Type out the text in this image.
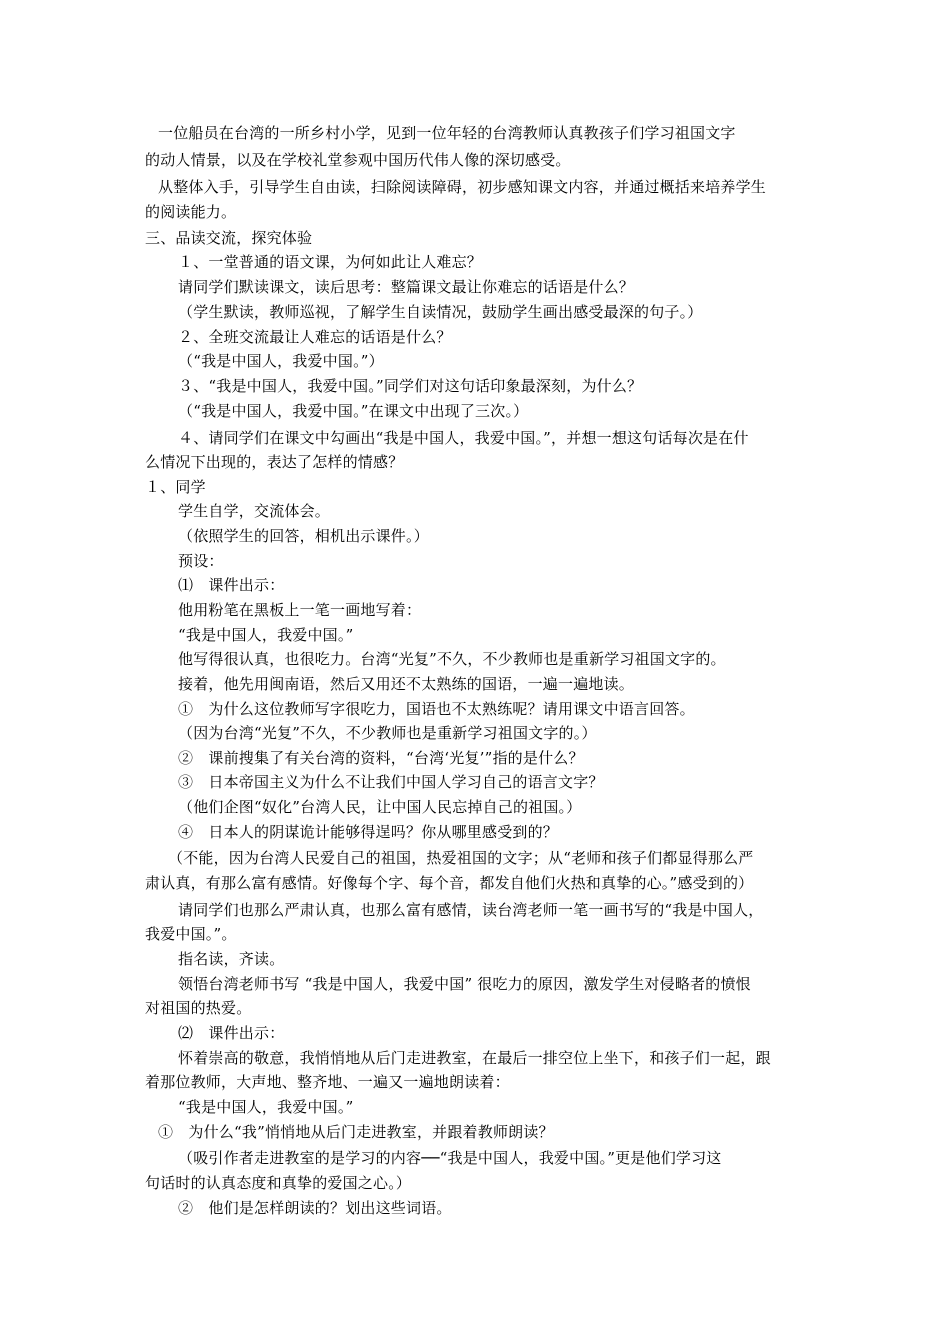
一位船员在台湾的一所乡村小学，见到一位年轻的台湾教师认真教孩子们学习祖国文字
的动人情景，以及在学校礼堂参观中国历代伟人像的深切感受。
从整体入手，引导学生自由读，扫除阅读障碍，初步感知课文内容，并通过概括来培养学生
的阅读能力。
三、品读交流，探究体验
１、一堂普通的语文课，为何如此让人难忘？
请同学们默读课文，读后思考：整篇课文最让你难忘的话语是什么？
（学生默读，教师巡视，了解学生自读情况，鼓励学生画出感受最深的句子。）
２、全班交流最让人难忘的话语是什么？
（“我是中国人，我爱中国。”）
３、“我是中国人，我爱中国。”同学们对这句话印象最深刻，为什么？
（“我是中国人，我爱中国。”在课文中出现了三次。）
４、请同学们在课文中勾画出“我是中国人，我爱中国。”，并想一想这句话每次是在什
么情况下出现的，表达了怎样的情感？
１、同学
学生自学，交流体会。
（依照学生的回答，相机出示课件。）
预设：
⑴　课件出示：
他用粉笔在黑板上一笔一画地写着：
“我是中国人，我爱中国。”
他写得很认真，也很吃力。台湾“光复”不久，不少教师也是重新学习祖国文字的。
接着，他先用闽南语，然后又用还不太熟练的国语，一遍一遍地读。
①　为什么这位教师写字很吃力，国语也不太熟练呢？请用课文中语言回答。
（因为台湾“光复”不久，不少教师也是重新学习祖国文字的。）
②　课前搜集了有关台湾的资料，“台湾‘光复’”指的是什么？
③　日本帝国主义为什么不让我们中国人学习自己的语言文字？
（他们企图“奴化”台湾人民，让中国人民忘掉自己的祖国。）
④　日本人的阴谋诡计能够得逞吗？你从哪里感受到的？
（不能，因为台湾人民爱自己的祖国，热爱祖国的文字；从“老师和孩子们都显得那么严
肃认真，有那么富有感情。好像每个字、每个音，都发自他们火热和真挚的心。”感受到的）
请同学们也那么严肃认真，也那么富有感情，读台湾老师一笔一画书写的“我是中国人，
我爱中国。”。
指名读，齐读。
领悟台湾老师书写 “我是中国人，我爱中国” 很吃力的原因，激发学生对侵略者的愤恨
对祖国的热爱。
⑵　课件出示：
怀着崇高的敬意，我悄悄地从后门走进教室，在最后一排空位上坐下，和孩子们一起，跟
着那位教师，大声地、整齐地、一遍又一遍地朗读着：
“我是中国人，我爱中国。”
①　为什么“我”悄悄地从后门走进教室，并跟着教师朗读？
（吸引作者走进教室的是学习的内容──“我是中国人，我爱中国。”更是他们学习这
句话时的认真态度和真挚的爱国之心。）
②　他们是怎样朗读的？划出这些词语。
